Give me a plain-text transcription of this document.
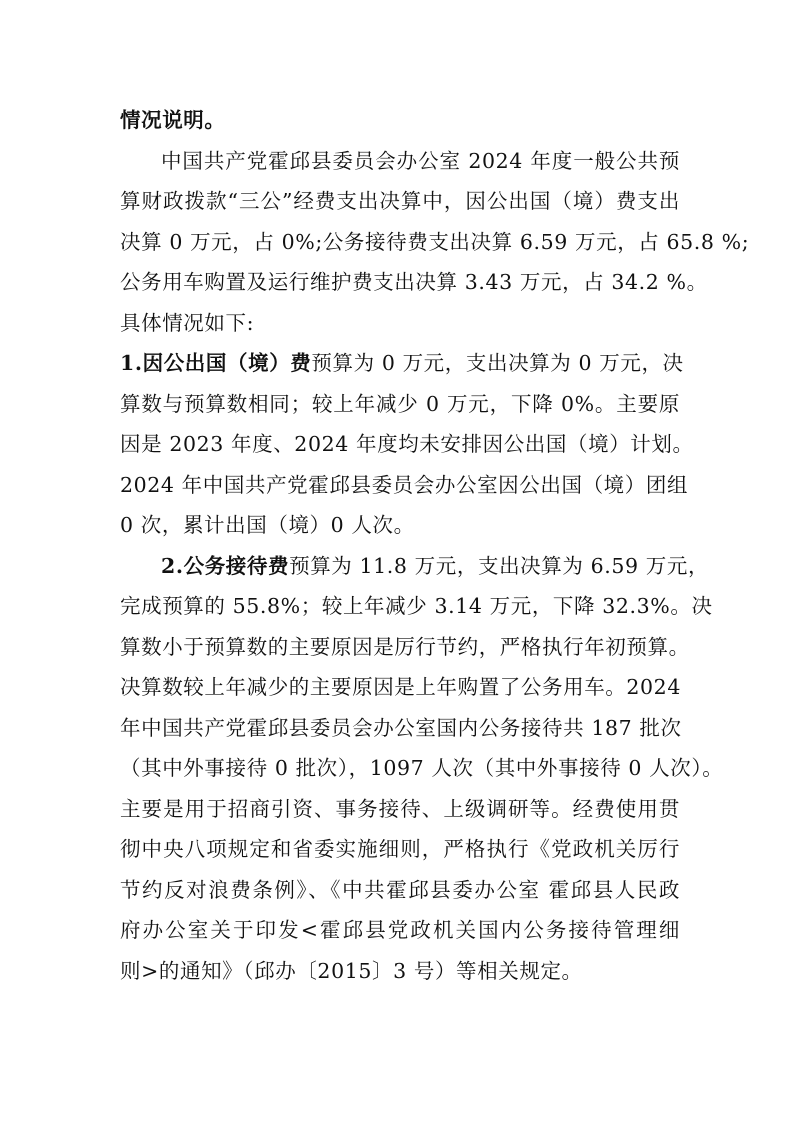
情况说明。
中国共产党霍邱县委员会办公室 2024 年度一般公共预
算财政拨款“三公”经费支出决算中，因公出国（境）费支出
决算 0 万元，占 0%;公务接待费支出决算 6.59 万元，占 65.8 %;
公务用车购置及运行维护费支出决算 3.43 万元，占 34.2 %。
具体情况如下:
1.因公出国（境）费预算为 0 万元，支出决算为 0 万元，决
算数与预算数相同；较上年减少 0 万元，下降 0%。主要原
因是 2023 年度、2024 年度均未安排因公出国（境）计划。
2024 年中国共产党霍邱县委员会办公室因公出国（境）团组
0 次，累计出国（境）0 人次。
2.公务接待费预算为 11.8 万元，支出决算为 6.59 万元，
完成预算的 55.8%；较上年减少 3.14 万元，下降 32.3%。决
算数小于预算数的主要原因是厉行节约，严格执行年初预算。
决算数较上年减少的主要原因是上年购置了公务用车。2024
年中国共产党霍邱县委员会办公室国内公务接待共 187 批次
（其中外事接待 0 批次），1097 人次（其中外事接待 0 人次）。
主要是用于招商引资、事务接待、上级调研等。经费使用贯
彻中央八项规定和省委实施细则，严格执行《党政机关厉行
节约反对浪费条例》、《中共霍邱县委办公室 霍邱县人民政
府办公室关于印发<霍邱县党政机关国内公务接待管理细
则>的通知》（邱办〔2015〕3 号）等相关规定。
